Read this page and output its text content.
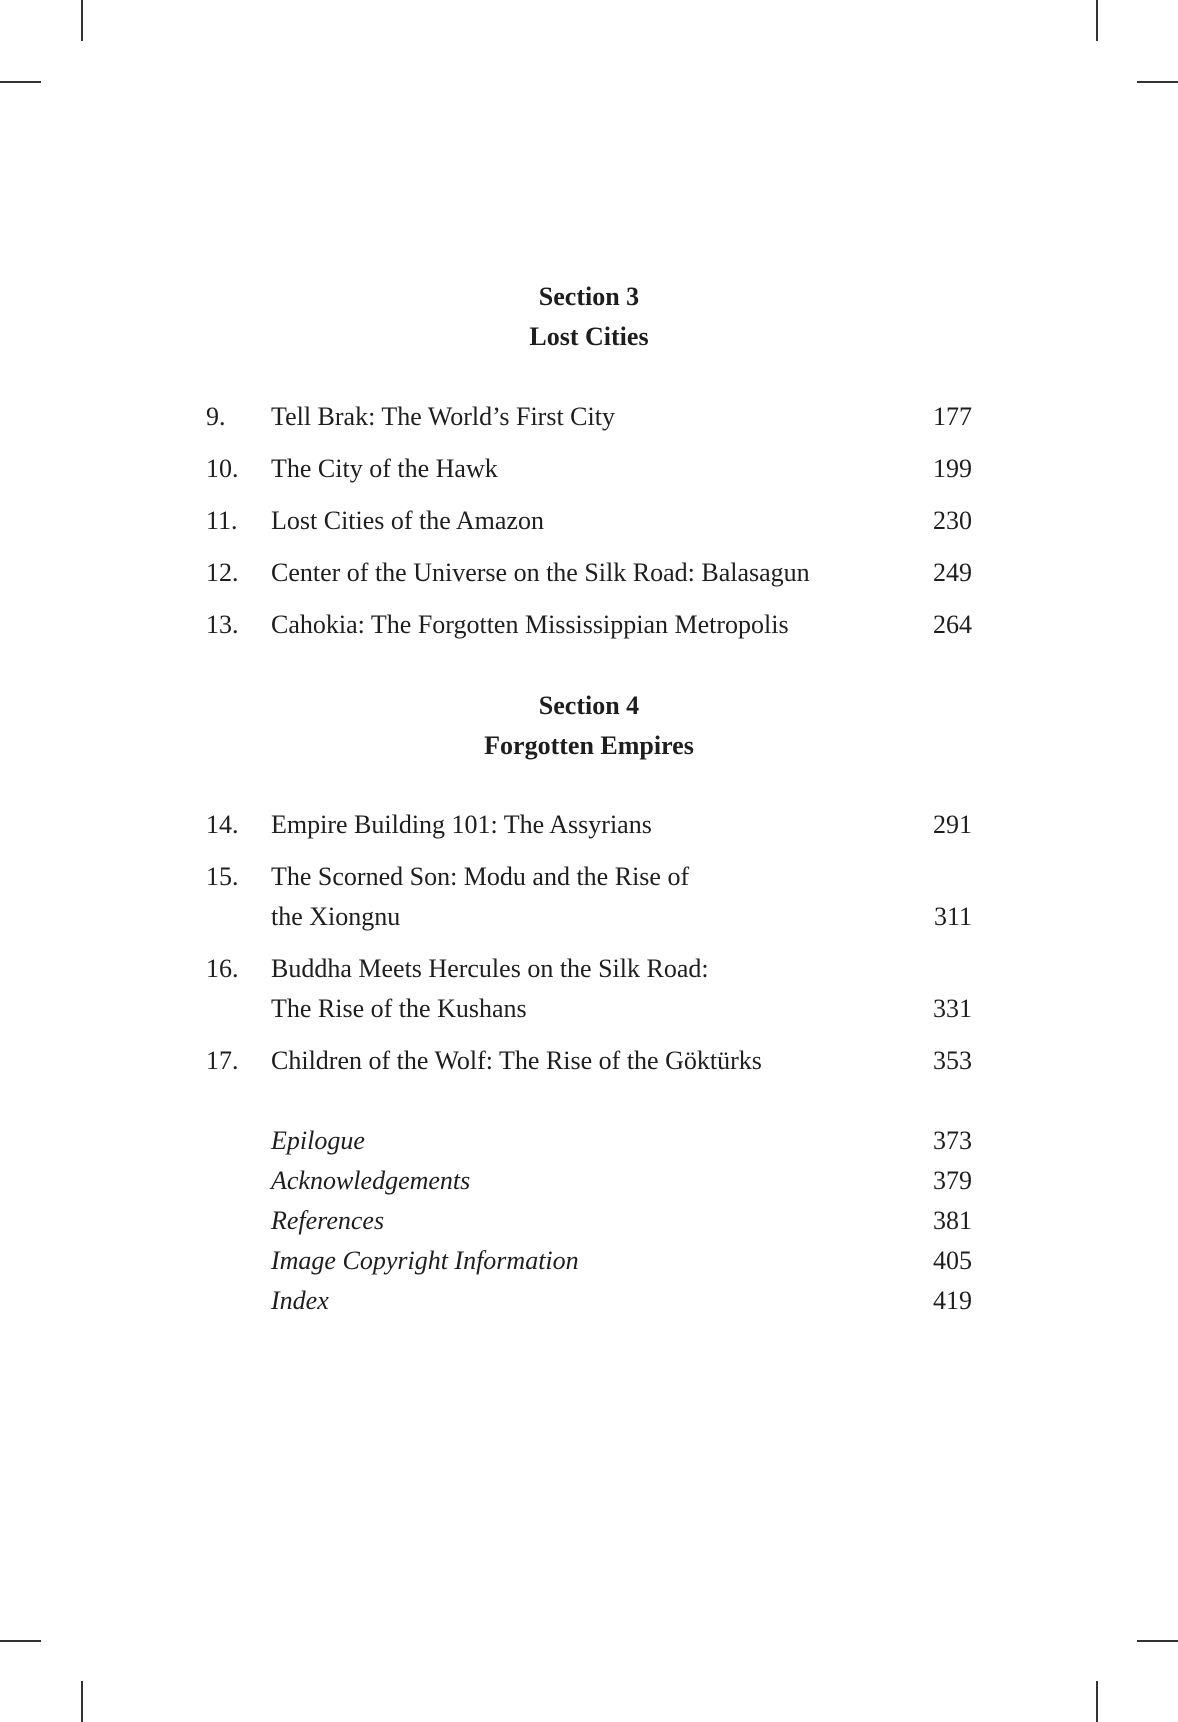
Section 3
Lost Cities
9.	Tell Brak: The World’s First City	177
10.	The City of the Hawk	199
11.	Lost Cities of the Amazon	230
12.	Center of the Universe on the Silk Road: Balasagun	249
13.	Cahokia: The Forgotten Mississippian Metropolis	264
Section 4
Forgotten Empires
14.	Empire Building 101: The Assyrians	291
15.	The Scorned Son: Modu and the Rise of
the Xiongnu	311
16.	Buddha Meets Hercules on the Silk Road:
The Rise of the Kushans	331
17.	Children of the Wolf: The Rise of the Göktürks	353
Epilogue	373
Acknowledgements	379
References	381
Image Copyright Information	405
Index	419
